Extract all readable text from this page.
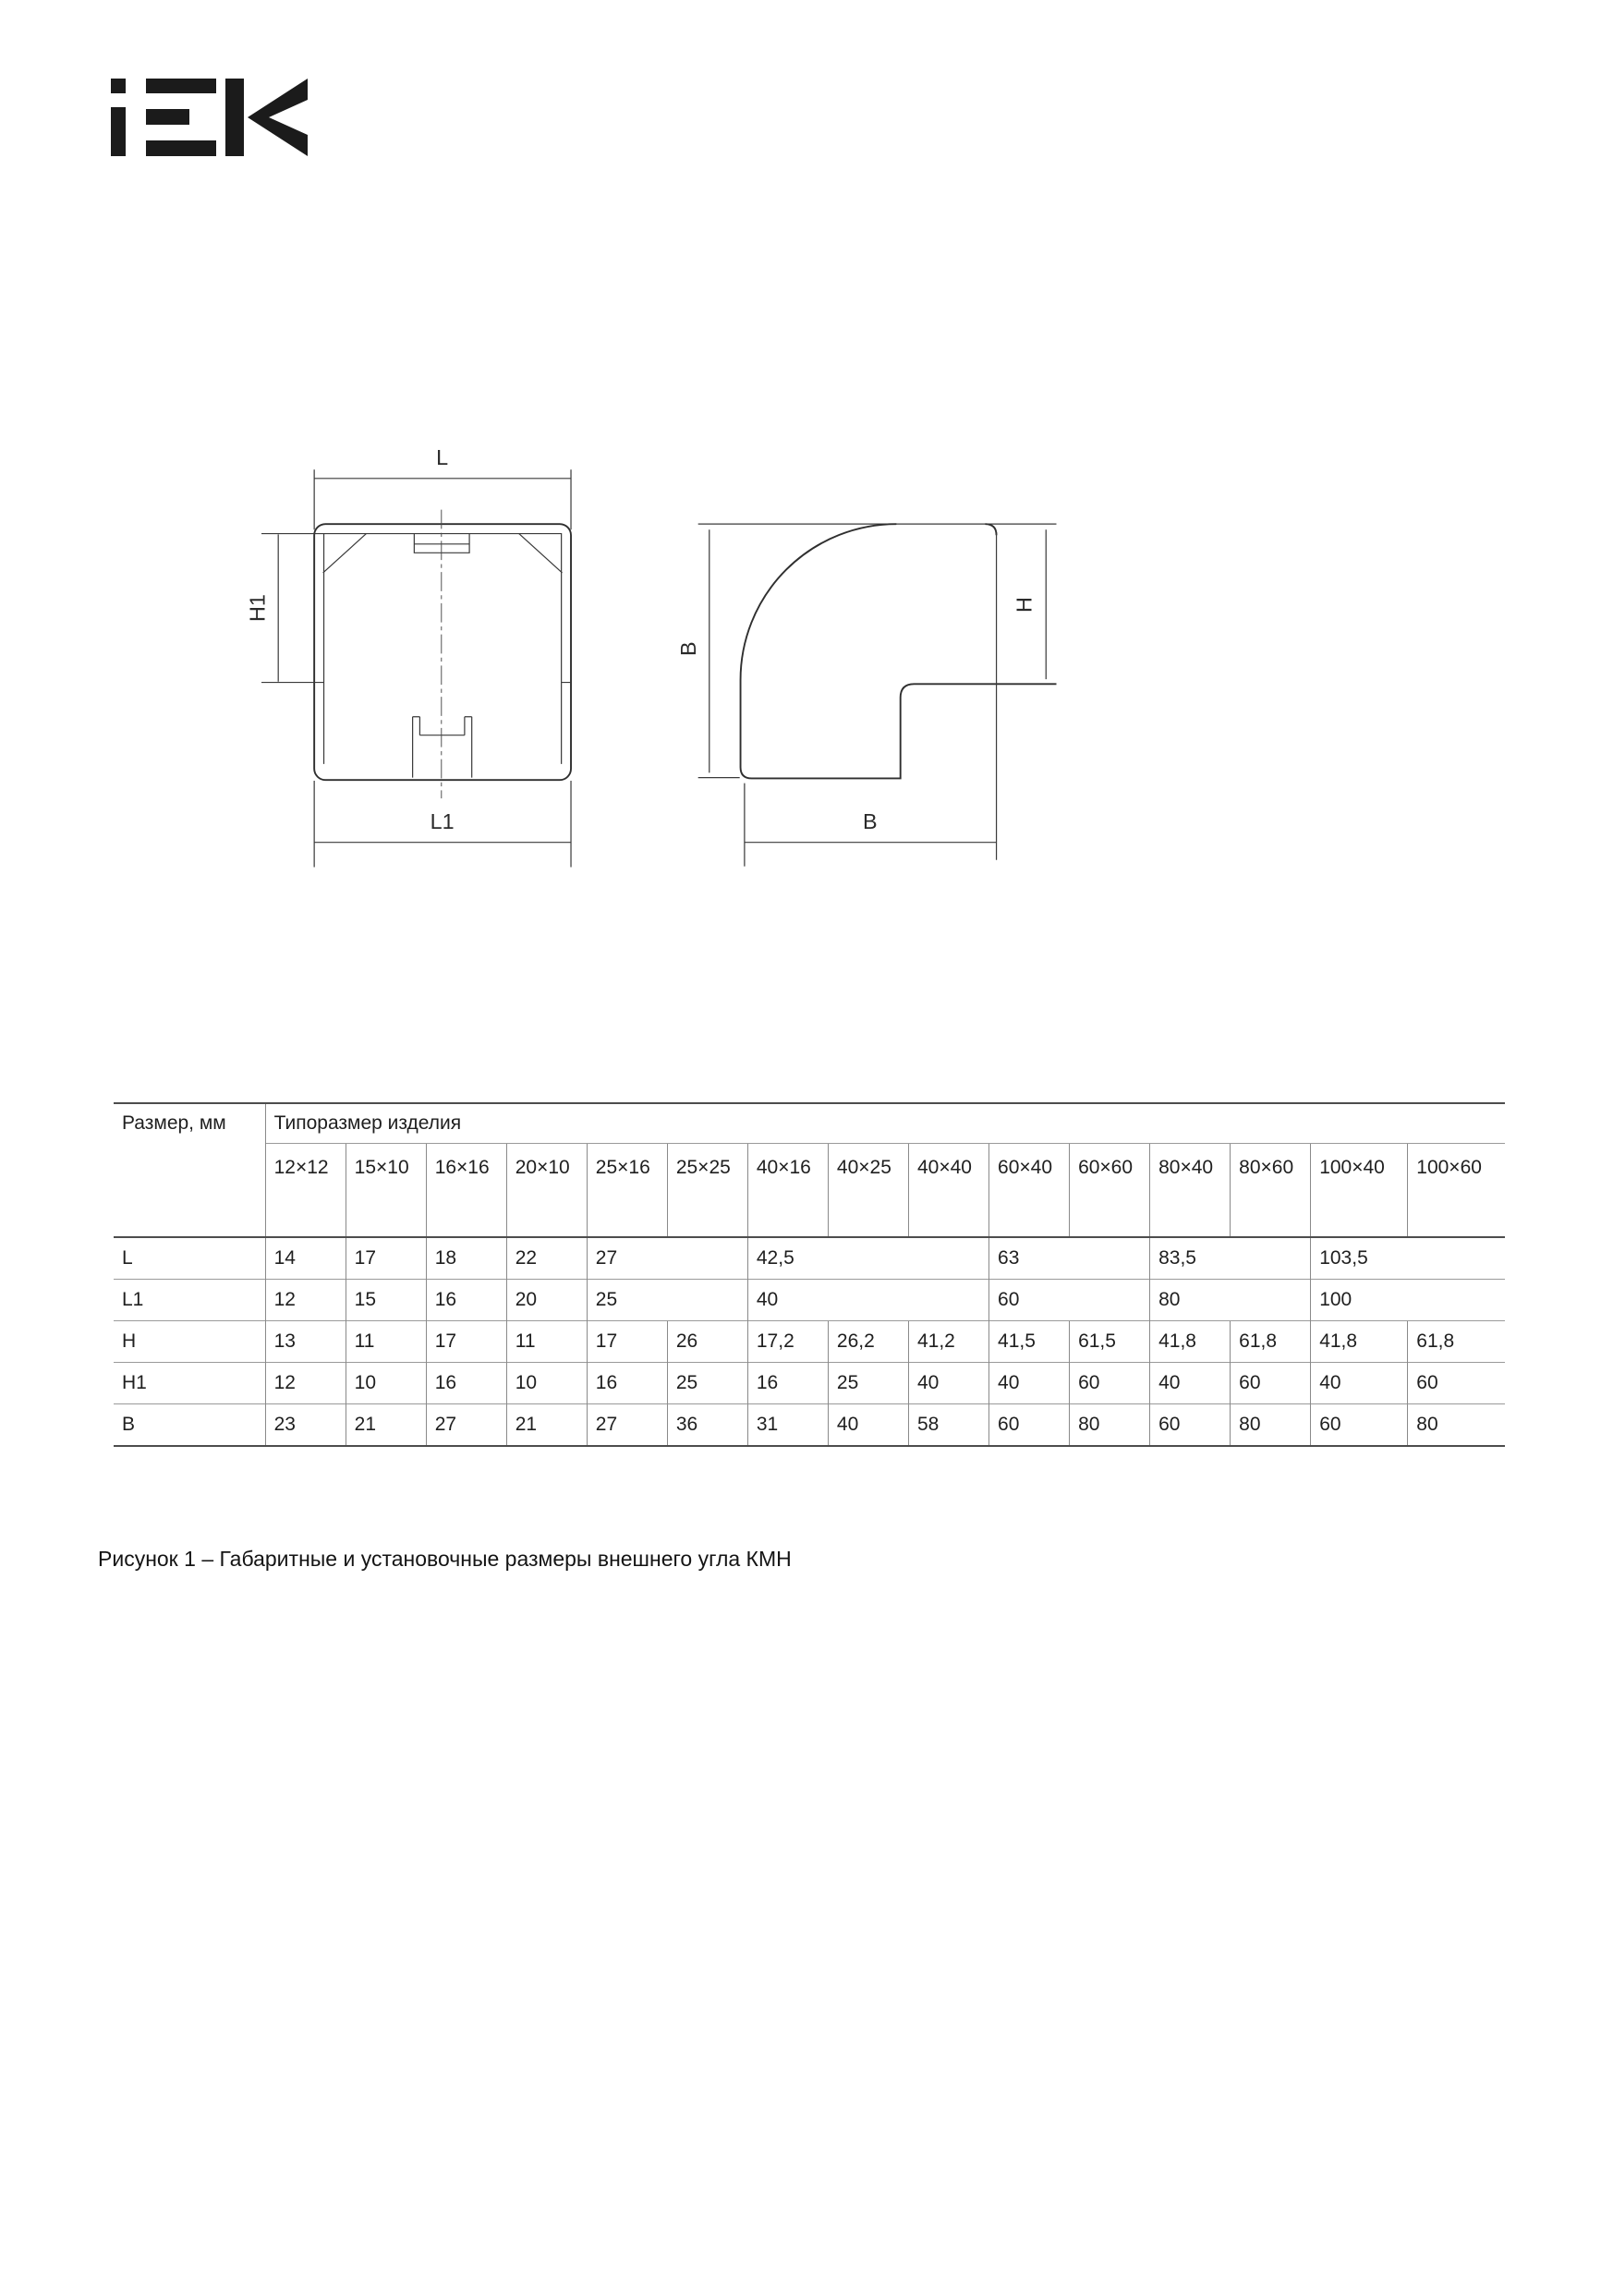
L
H1
L1
B
H
B
Размер, мм	Типоразмер изделия														
	12×12	15×10	16×16	20×10	25×16	25×25	40×16	40×25	40×40	60×40	60×60	80×40	80×60	100×40	100×60
L	14	17	18	22	27		42,5			63		83,5		103,5	
L1	12	15	16	20	25		40			60		80		100	
H	13	11	17	11	17	26	17,2	26,2	41,2	41,5	61,5	41,8	61,8	41,8	61,8
H1	12	10	16	10	16	25	16	25	40	40	60	40	60	40	60
B	23	21	27	21	27	36	31	40	58	60	80	60	80	60	80
Рисунок 1 – Габаритные и установочные размеры внешнего угла КМН
